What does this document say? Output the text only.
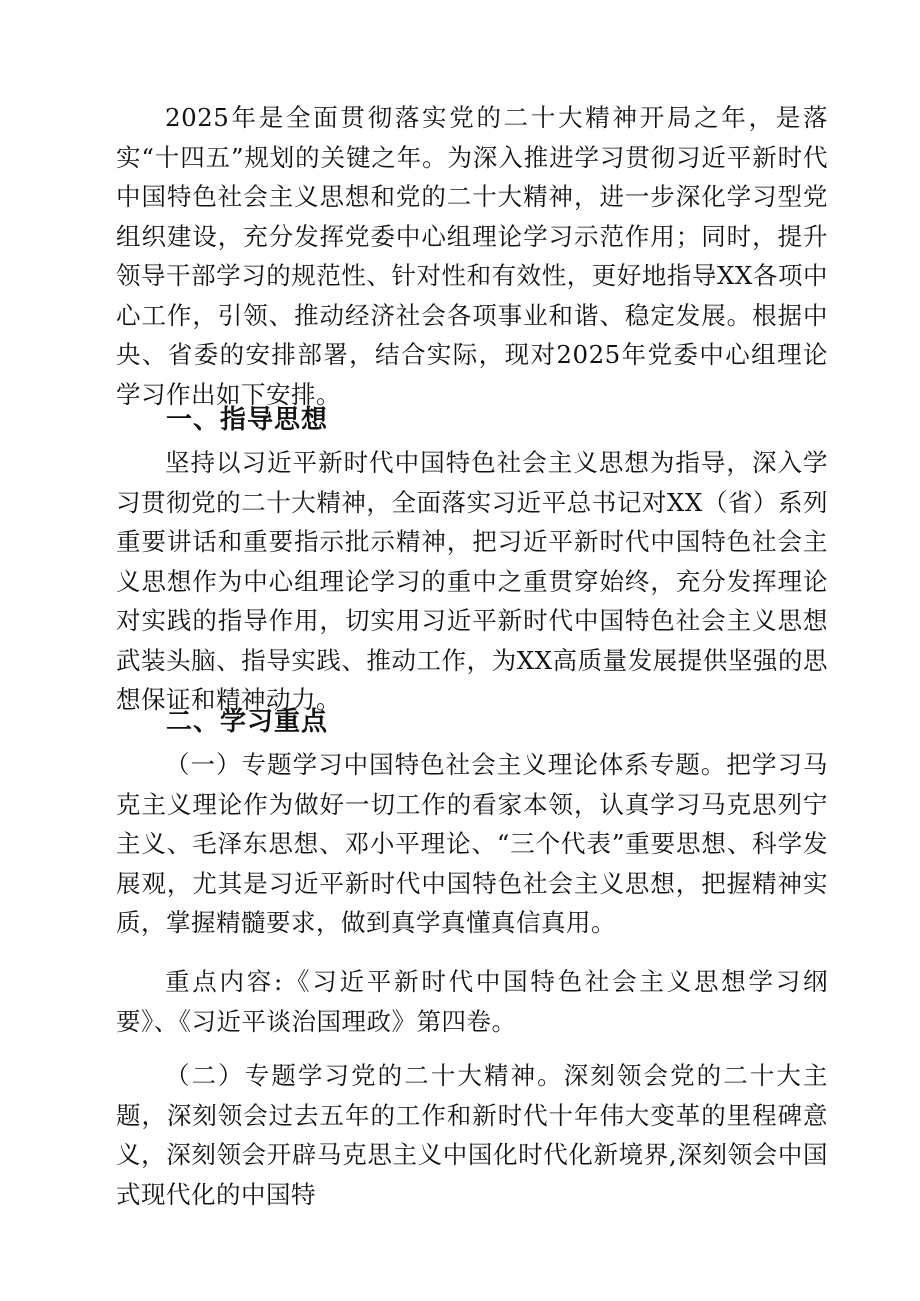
2025年是全面贯彻落实党的二十大精神开局之年，是落实“十四五”规划的关键之年。为深入推进学习贯彻习近平新时代中国特色社会主义思想和党的二十大精神，进一步深化学习型党组织建设，充分发挥党委中心组理论学习示范作用；同时，提升领导干部学习的规范性、针对性和有效性，更好地指导XX各项中心工作，引领、推动经济社会各项事业和谐、稳定发展。根据中央、省委的安排部署，结合实际，现对2025年党委中心组理论学习作出如下安排。

一、指导思想

坚持以习近平新时代中国特色社会主义思想为指导，深入学习贯彻党的二十大精神，全面落实习近平总书记对XX（省）系列重要讲话和重要指示批示精神，把习近平新时代中国特色社会主义思想作为中心组理论学习的重中之重贯穿始终，充分发挥理论对实践的指导作用，切实用习近平新时代中国特色社会主义思想武装头脑、指导实践、推动工作，为XX高质量发展提供坚强的思想保证和精神动力。

二、学习重点

（一）专题学习中国特色社会主义理论体系专题。把学习马克主义理论作为做好一切工作的看家本领，认真学习马克思列宁主义、毛泽东思想、邓小平理论、“三个代表”重要思想、科学发展观，尤其是习近平新时代中国特色社会主义思想，把握精神实质，掌握精髓要求，做到真学真懂真信真用。

重点内容:《习近平新时代中国特色社会主义思想学习纲要》、《习近平谈治国理政》第四卷。

（二）专题学习党的二十大精神。深刻领会党的二十大主题，深刻领会过去五年的工作和新时代十年伟大变革的里程碑意义，深刻领会开辟马克思主义中国化时代化新境界,深刻领会中国式现代化的中国特
